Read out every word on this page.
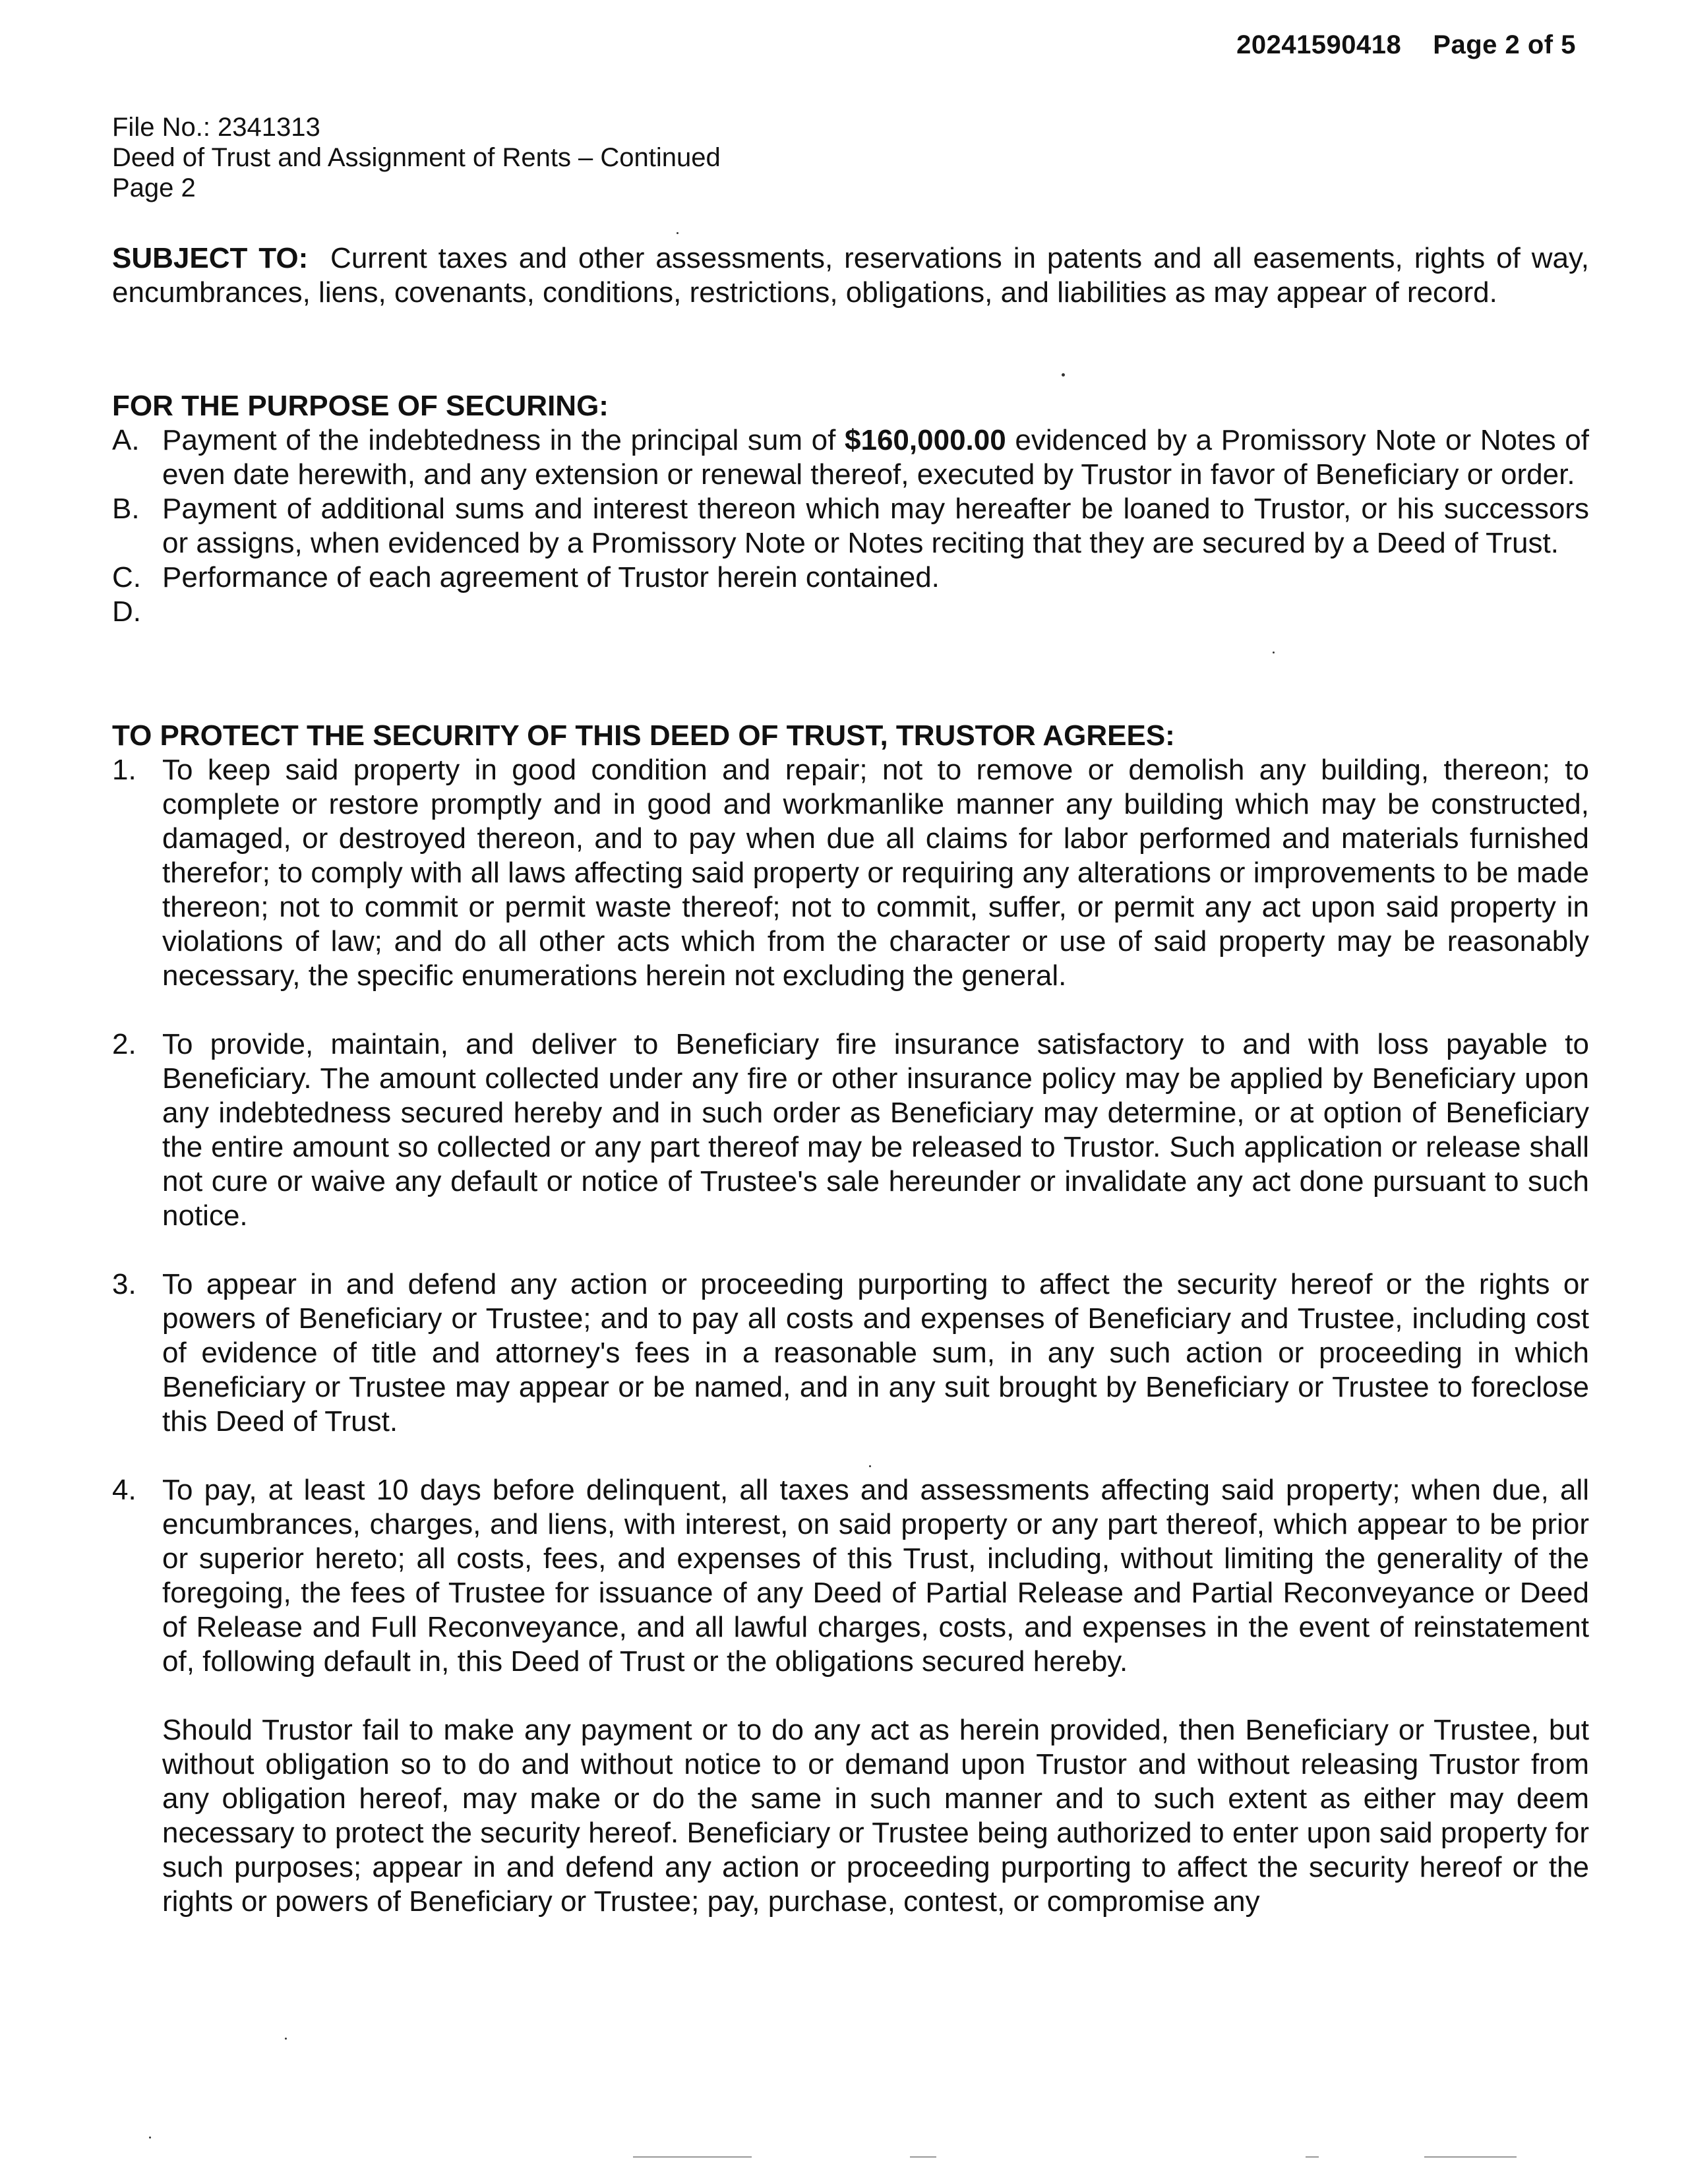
20241590418 Page 2 of 5
File No.: 2341313
Deed of Trust and Assignment of Rents – Continued
Page 2

SUBJECT TO: Current taxes and other assessments, reservations in patents and all easements, rights of way, encumbrances, liens, covenants, conditions, restrictions, obligations, and liabilities as may appear of record.

FOR THE PURPOSE OF SECURING:
A. Payment of the indebtedness in the principal sum of $160,000.00 evidenced by a Promissory Note or Notes of even date herewith, and any extension or renewal thereof, executed by Trustor in favor of Beneficiary or order.

B. Payment of additional sums and interest thereon which may hereafter be loaned to Trustor, or his successors or assigns, when evidenced by a Promissory Note or Notes reciting that they are secured by a Deed of Trust.

C. Performance of each agreement of Trustor herein contained.

D.

TO PROTECT THE SECURITY OF THIS DEED OF TRUST, TRUSTOR AGREES:
1. To keep said property in good condition and repair; not to remove or demolish any building, thereon; to complete or restore promptly and in good and workmanlike manner any building which may be constructed, damaged, or destroyed thereon, and to pay when due all claims for labor performed and materials furnished therefor; to comply with all laws affecting said property or requiring any alterations or improvements to be made thereon; not to commit or permit waste thereof; not to commit, suffer, or permit any act upon said property in violations of law; and do all other acts which from the character or use of said property may be reasonably necessary, the specific enumerations herein not excluding the general.

2. To provide, maintain, and deliver to Beneficiary fire insurance satisfactory to and with loss payable to Beneficiary. The amount collected under any fire or other insurance policy may be applied by Beneficiary upon any indebtedness secured hereby and in such order as Beneficiary may determine, or at option of Beneficiary the entire amount so collected or any part thereof may be released to Trustor. Such application or release shall not cure or waive any default or notice of Trustee's sale hereunder or invalidate any act done pursuant to such notice.

3. To appear in and defend any action or proceeding purporting to affect the security hereof or the rights or powers of Beneficiary or Trustee; and to pay all costs and expenses of Beneficiary and Trustee, including cost of evidence of title and attorney's fees in a reasonable sum, in any such action or proceeding in which Beneficiary or Trustee may appear or be named, and in any suit brought by Beneficiary or Trustee to foreclose this Deed of Trust.

4. To pay, at least 10 days before delinquent, all taxes and assessments affecting said property; when due, all encumbrances, charges, and liens, with interest, on said property or any part thereof, which appear to be prior or superior hereto; all costs, fees, and expenses of this Trust, including, without limiting the generality of the foregoing, the fees of Trustee for issuance of any Deed of Partial Release and Partial Reconveyance or Deed of Release and Full Reconveyance, and all lawful charges, costs, and expenses in the event of reinstatement of, following default in, this Deed of Trust or the obligations secured hereby.

Should Trustor fail to make any payment or to do any act as herein provided, then Beneficiary or Trustee, but without obligation so to do and without notice to or demand upon Trustor and without releasing Trustor from any obligation hereof, may make or do the same in such manner and to such extent as either may deem necessary to protect the security hereof. Beneficiary or Trustee being authorized to enter upon said property for such purposes; appear in and defend any action or proceeding purporting to affect the security hereof or the rights or powers of Beneficiary or Trustee; pay, purchase, contest, or compromise any
